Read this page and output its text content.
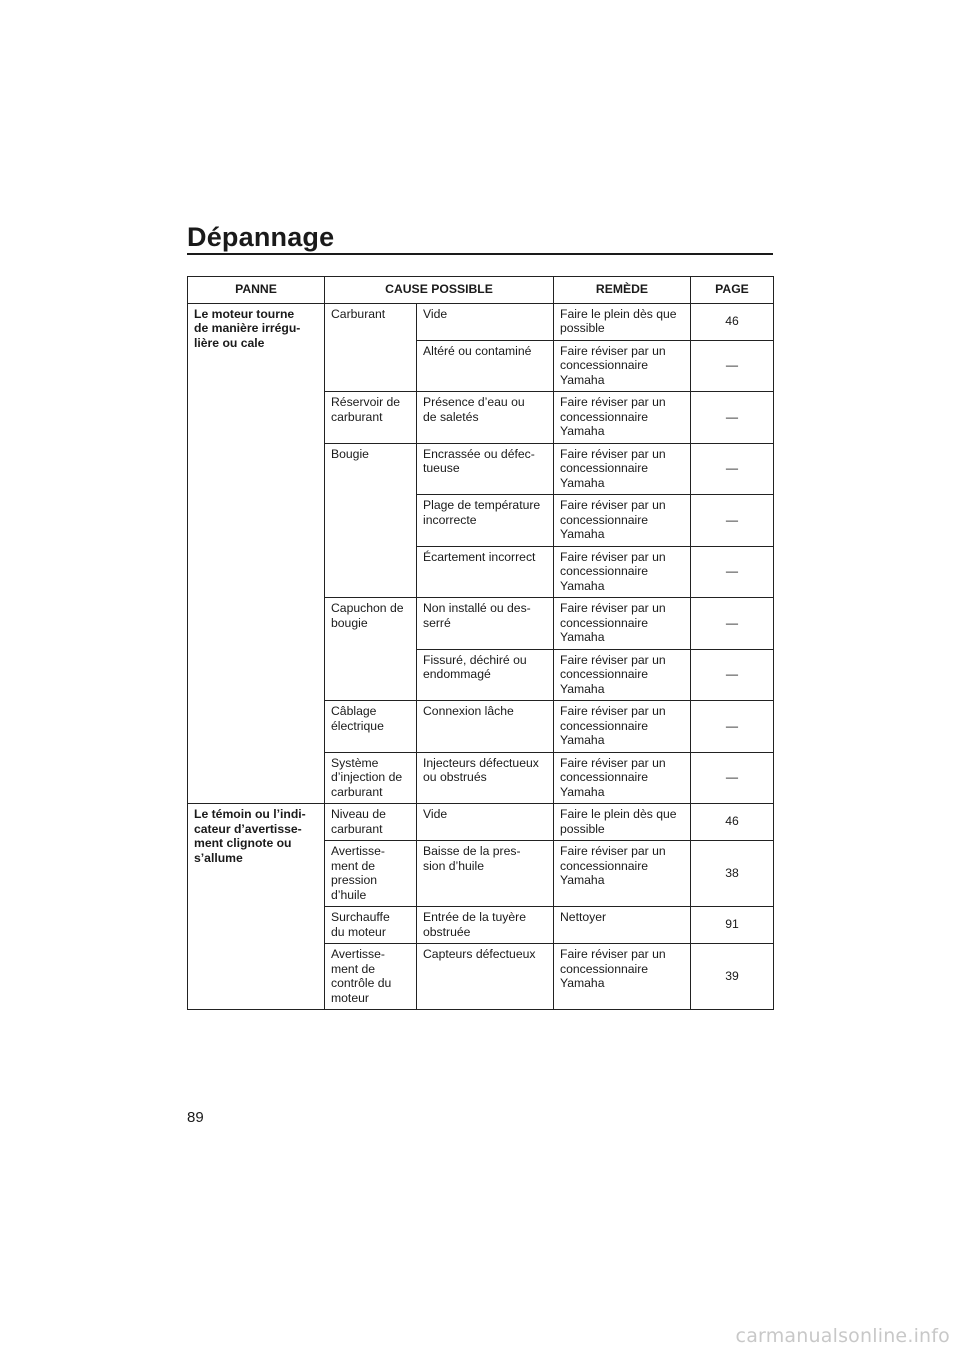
Dépannage
PANNE	CAUSE POSSIBLE		REMÈDE	PAGE
Le moteur tourne
de manière irrégu-
lière ou cale	Carburant	Vide	Faire le plein dès que
possible	46
		Altéré ou contaminé	Faire réviser par un
concessionnaire
Yamaha	—
	Réservoir de
carburant	Présence d’eau ou
de saletés	Faire réviser par un
concessionnaire
Yamaha	—
	Bougie	Encrassée ou défec-
tueuse	Faire réviser par un
concessionnaire
Yamaha	—
		Plage de température
incorrecte	Faire réviser par un
concessionnaire
Yamaha	—
		Écartement incorrect	Faire réviser par un
concessionnaire
Yamaha	—
	Capuchon de
bougie	Non installé ou des-
serré	Faire réviser par un
concessionnaire
Yamaha	—
		Fissuré, déchiré ou
endommagé	Faire réviser par un
concessionnaire
Yamaha	—
	Câblage
électrique	Connexion lâche	Faire réviser par un
concessionnaire
Yamaha	—
	Système
d’injection de
carburant	Injecteurs défectueux
ou obstrués	Faire réviser par un
concessionnaire
Yamaha	—
Le témoin ou l’indi-
cateur d’avertisse-
ment clignote ou
s’allume	Niveau de
carburant	Vide	Faire le plein dès que
possible	46
	Avertisse-
ment de
pression
d’huile	Baisse de la pres-
sion d’huile	Faire réviser par un
concessionnaire
Yamaha	38
	Surchauffe
du moteur	Entrée de la tuyère
obstruée	Nettoyer	91
	Avertisse-
ment de
contrôle du
moteur	Capteurs défectueux	Faire réviser par un
concessionnaire
Yamaha	39
89
carmanualsonline.info
